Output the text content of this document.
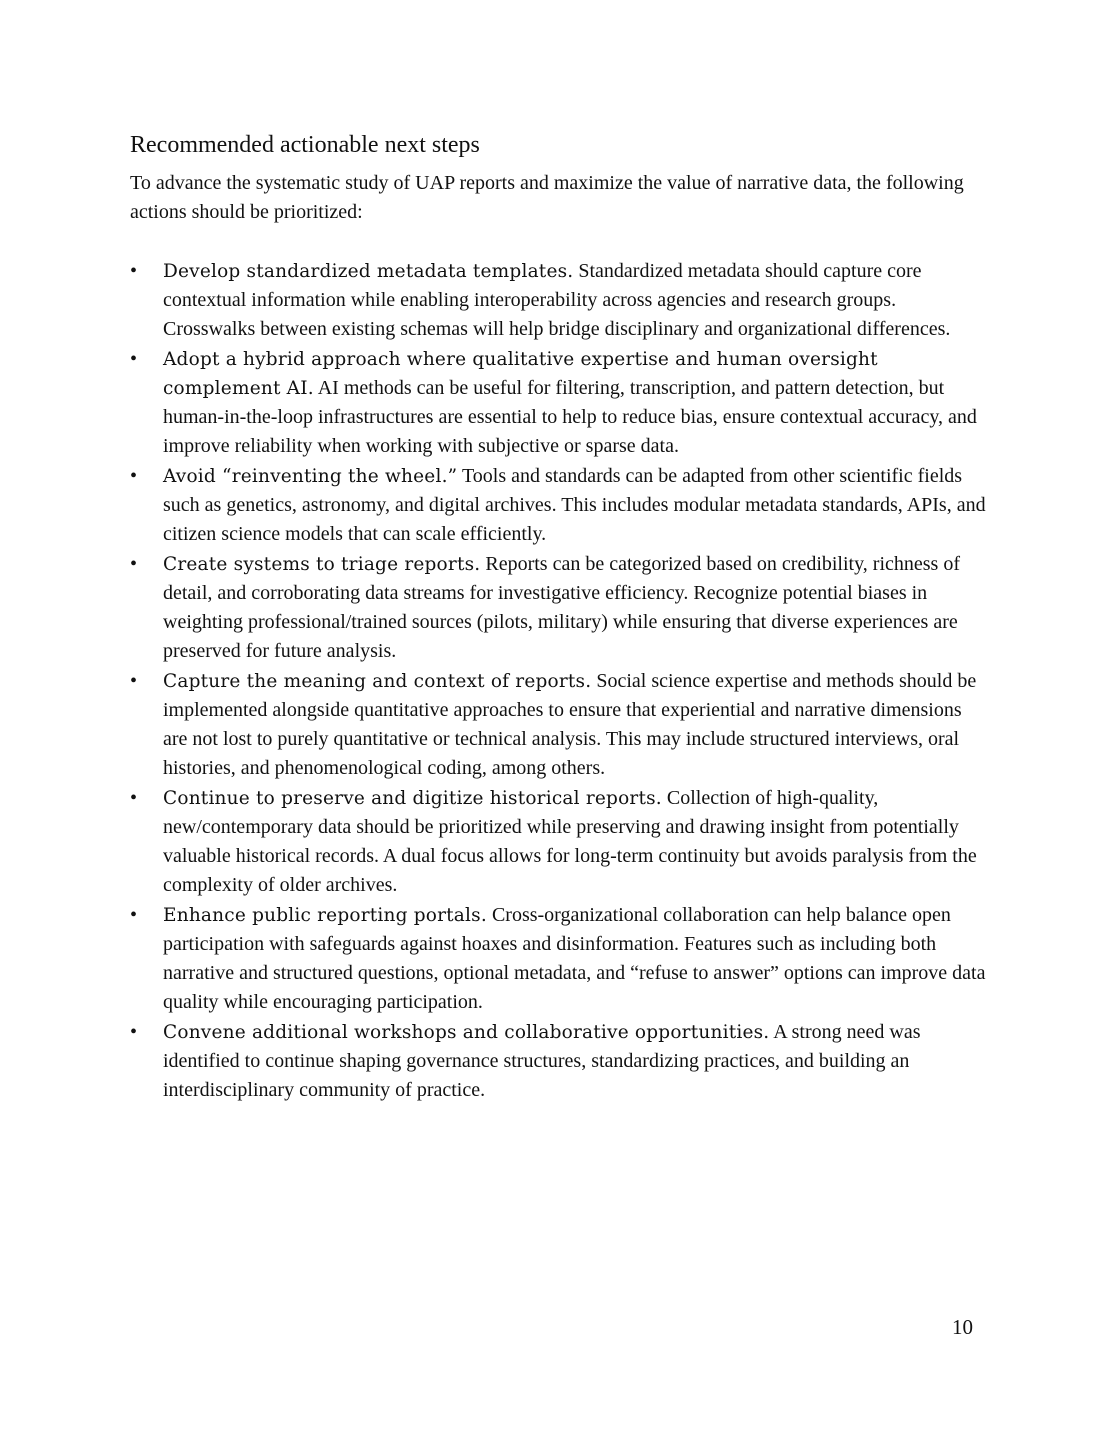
Recommended actionable next steps

To advance the systematic study of UAP reports and maximize the value of narrative data, the following actions should be prioritized:

•	Develop standardized metadata templates. Standardized metadata should capture core contextual information while enabling interoperability across agencies and research groups. Crosswalks between existing schemas will help bridge disciplinary and organizational differences.
•	Adopt a hybrid approach where qualitative expertise and human oversight complement AI. AI methods can be useful for filtering, transcription, and pattern detection, but human-in-the-loop infrastructures are essential to help to reduce bias, ensure contextual accuracy, and improve reliability when working with subjective or sparse data.
•	Avoid “reinventing the wheel.” Tools and standards can be adapted from other scientific fields such as genetics, astronomy, and digital archives. This includes modular metadata standards, APIs, and citizen science models that can scale efficiently.
•	Create systems to triage reports. Reports can be categorized based on credibility, richness of detail, and corroborating data streams for investigative efficiency. Recognize potential biases in weighting professional/trained sources (pilots, military) while ensuring that diverse experiences are preserved for future analysis.
•	Capture the meaning and context of reports. Social science expertise and methods should be implemented alongside quantitative approaches to ensure that experiential and narrative dimensions are not lost to purely quantitative or technical analysis. This may include structured interviews, oral histories, and phenomenological coding, among others.
•	Continue to preserve and digitize historical reports. Collection of high-quality, new/contemporary data should be prioritized while preserving and drawing insight from potentially valuable historical records. A dual focus allows for long-term continuity but avoids paralysis from the complexity of older archives.
•	Enhance public reporting portals. Cross-organizational collaboration can help balance open participation with safeguards against hoaxes and disinformation. Features such as including both narrative and structured questions, optional metadata, and “refuse to answer” options can improve data quality while encouraging participation.
•	Convene additional workshops and collaborative opportunities. A strong need was identified to continue shaping governance structures, standardizing practices, and building an interdisciplinary community of practice.
10
